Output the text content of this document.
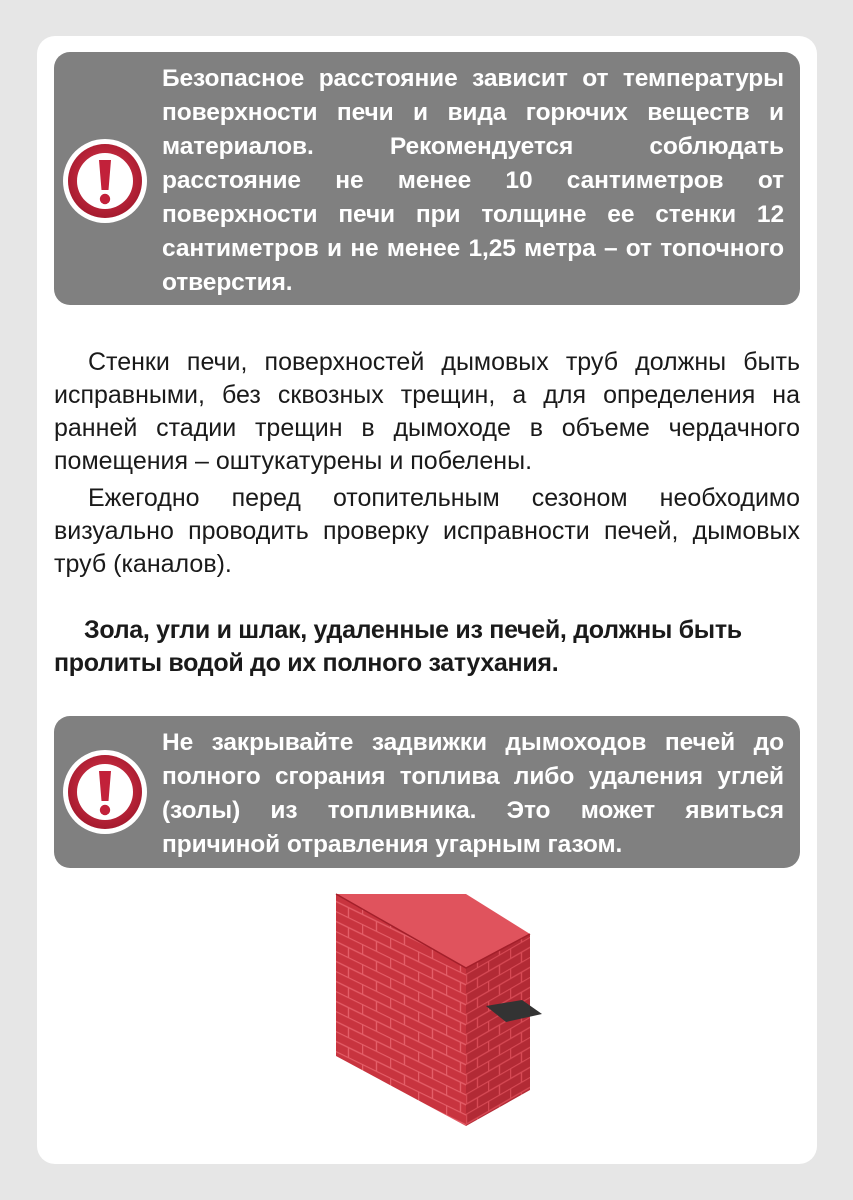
Безопасное расстояние зависит от температуры поверхности печи и вида горючих веществ и материалов. Рекомендуется соблюдать расстояние не менее 10 сантиметров от поверхности печи при толщине ее стенки 12 сантиметров и не менее 1,25 метра – от топочного отверстия.
Стенки печи, поверхностей дымовых труб должны быть исправными, без сквозных трещин, а для определения на ранней стадии трещин в дымоходе в объеме чердачного помещения – оштукатурены и побелены.
Ежегодно перед отопительным сезоном необходимо визуально проводить проверку исправности печей, дымовых труб (каналов).
Зола, угли и шлак, удаленные из печей, должны быть пролиты водой до их полного затухания.
Не закрывайте задвижки дымоходов печей до полного сгорания топлива либо удаления углей (золы) из топливника. Это может явиться причиной отравления угарным газом.
